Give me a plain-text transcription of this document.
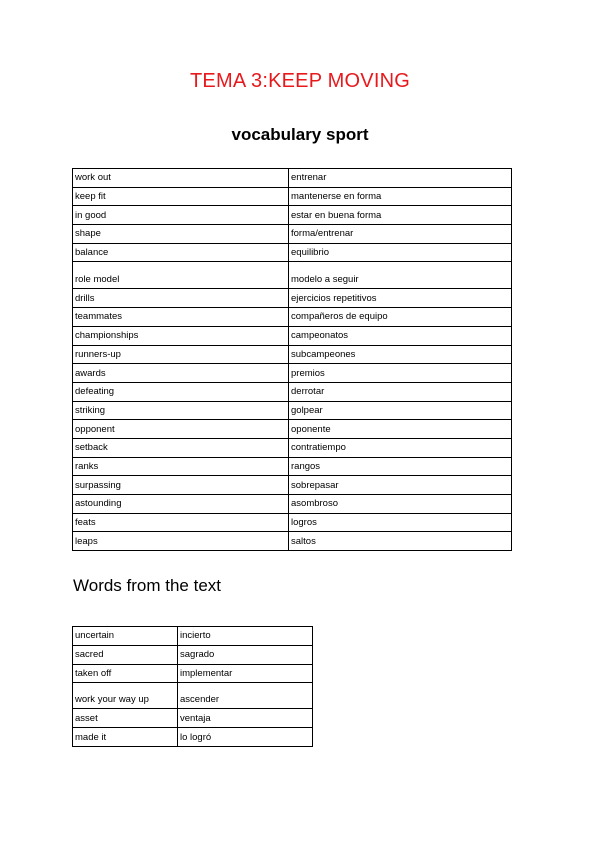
TEMA 3:KEEP MOVING
vocabulary sport
work out	entrenar
keep fit	mantenerse en forma
in good	estar en buena forma
shape	forma/entrenar
balance	equilibrio
role model	modelo a seguir
drills	ejercicios repetitivos
teammates	compañeros de equipo
championships	campeonatos
runners-up	subcampeones
awards	premios
defeating	derrotar
striking	golpear
opponent	oponente
setback	contratiempo
ranks	rangos
surpassing	sobrepasar
astounding	asombroso
feats	logros
leaps	saltos
Words from the text
uncertain	incierto
sacred	sagrado
taken off	implementar
work your way up	ascender
asset	ventaja
made it	lo logró
